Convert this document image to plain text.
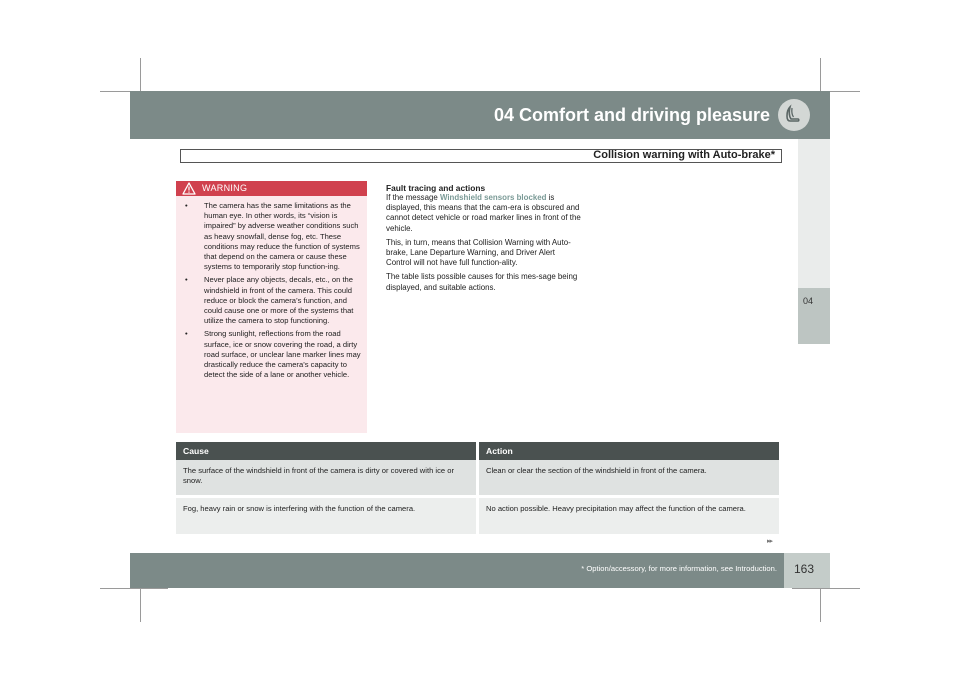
04 Comfort and driving pleasure
04
Collision warning with Auto-brake*
WARNING
• The camera has the same limitations as the human eye. In other words, its “vision is impaired” by adverse weather conditions such as heavy snowfall, dense fog, etc. These conditions may reduce the function of systems that depend on the camera or cause these systems to temporarily stop function-ing.
• Never place any objects, decals, etc., on the windshield in front of the camera. This could reduce or block the camera’s function, and could cause one or more of the systems that utilize the camera to stop functioning.
• Strong sunlight, reflections from the road surface, ice or snow covering the road, a dirty road surface, or unclear lane marker lines may drastically reduce the camera’s capacity to detect the side of a lane or another vehicle.
Fault tracing and actions

If the message Windshield sensors blocked is displayed, this means that the cam-era is obscured and cannot detect vehicle or road marker lines in front of the vehicle.

This, in turn, means that Collision Warning with Auto-brake, Lane Departure Warning, and Driver Alert Control will not have full function-ality.

The table lists possible causes for this mes-sage being displayed, and suitable actions.

Cause	Action
The surface of the windshield in front of the camera is dirty or covered with ice or snow.	Clean or clear the section of the windshield in front of the camera.

Fog, heavy rain or snow is interfering with the function of the camera.	No action possible. Heavy precipitation may affect the function of the camera.
▸▸
* Option/accessory, for more information, see Introduction. 163
